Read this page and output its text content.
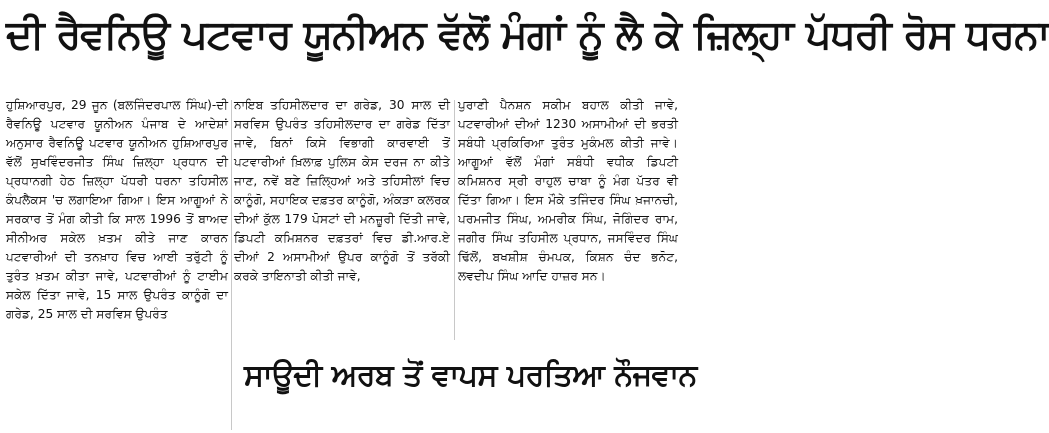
ਦੀ ਰੈਵਨਿਊ ਪਟਵਾਰ ਯੂਨੀਅਨ ਵੱਲੋਂ ਮੰਗਾਂ ਨੂੰ ਲੈ ਕੇ ਜ਼ਿਲ੍ਹਾ ਪੱਧਰੀ ਰੋਸ ਧਰਨਾ
ਹੁਸ਼ਿਆਰਪੁਰ, 29 ਜੂਨ (ਬਲਜਿੰਦਰਪਾਲ ਸਿੰਘ)-ਦੀ ਰੈਵਨਿਊ ਪਟਵਾਰ ਯੂਨੀਅਨ ਪੰਜਾਬ ਦੇ ਆਦੇਸ਼ਾਂ ਅਨੁਸਾਰ ਰੈਵਨਿਊ ਪਟਵਾਰ ਯੂਨੀਅਨ ਹੁਸ਼ਿਆਰਪੁਰ ਵੱਲੋਂ ਸੁਖਵਿੰਦਰਜੀਤ ਸਿੰਘ ਜ਼ਿਲ੍ਹਾ ਪ੍ਰਧਾਨ ਦੀ ਪ੍ਰਧਾਨਗੀ ਹੇਠ ਜ਼ਿਲ੍ਹਾ ਪੱਧਰੀ ਧਰਨਾ ਤਹਿਸੀਲ ਕੰਪਲੈਕਸ 'ਚ ਲਗਾਇਆ ਗਿਆ। ਇਸ ਆਗੂਆਂ ਨੇ ਸਰਕਾਰ ਤੋਂ ਮੰਗ ਕੀਤੀ ਕਿ ਸਾਲ 1996 ਤੋਂ ਬਾਅਦ ਸੀਨੀਅਰ ਸਕੇਲ ਖ਼ਤਮ ਕੀਤੇ ਜਾਣ ਕਾਰਨ ਪਟਵਾਰੀਆਂ ਦੀ ਤਨਖ਼ਾਹ ਵਿਚ ਆਈ ਤਰੁੱਟੀ ਨੂੰ ਤੁਰੰਤ ਖ਼ਤਮ ਕੀਤਾ ਜਾਵੇ, ਪਟਵਾਰੀਆਂ ਨੂੰ ਟਾਈਮ ਸਕੇਲ ਦਿੱਤਾ ਜਾਵੇ, 15 ਸਾਲ ਉਪਰੰਤ ਕਾਨੂੰਗੋ ਦਾ ਗਰੇਡ, 25 ਸਾਲ ਦੀ ਸਰਵਿਸ ਉਪਰੰਤ
ਨਾਇਬ ਤਹਿਸੀਲਦਾਰ ਦਾ ਗਰੇਡ, 30 ਸਾਲ ਦੀ ਸਰਵਿਸ ਉਪਰੰਤ ਤਹਿਸੀਲਦਾਰ ਦਾ ਗਰੇਡ ਦਿੱਤਾ ਜਾਵੇ, ਬਿਨਾਂ ਕਿਸੇ ਵਿਭਾਗੀ ਕਾਰਵਾਈ ਤੋਂ ਪਟਵਾਰੀਆਂ ਖ਼ਿਲਾਫ਼ ਪੁਲਿਸ ਕੇਸ ਦਰਜ ਨਾ ਕੀਤੇ ਜਾਣ, ਨਵੇਂ ਬਣੇ ਜ਼ਿਲ੍ਹਿਆਂ ਅਤੇ ਤਹਿਸੀਲਾਂ ਵਿਚ ਕਾਨੂੰਗੋ, ਸਹਾਇਕ ਦਫ਼ਤਰ ਕਾਨੂੰਗੋ, ਅੰਕੜਾ ਕਲਰਕ ਦੀਆਂ ਕੁੱਲ 179 ਪੋਸਟਾਂ ਦੀ ਮਨਜ਼ੂਰੀ ਦਿੱਤੀ ਜਾਵੇ, ਡਿਪਟੀ ਕਮਿਸ਼ਨਰ ਦਫ਼ਤਰਾਂ ਵਿਚ ਡੀ.ਆਰ.ਏ ਦੀਆਂ 2 ਅਸਾਮੀਆਂ ਉਪਰ ਕਾਨੂੰਗੋ ਤੋਂ ਤਰੱਕੀ ਕਰਕੇ ਤਾਇਨਾਤੀ ਕੀਤੀ ਜਾਵੇ,
ਪੁਰਾਣੀ ਪੈਨਸ਼ਨ ਸਕੀਮ ਬਹਾਲ ਕੀਤੀ ਜਾਵੇ, ਪਟਵਾਰੀਆਂ ਦੀਆਂ 1230 ਅਸਾਮੀਆਂ ਦੀ ਭਰਤੀ ਸਬੰਧੀ ਪ੍ਰਕਿਰਿਆ ਤੁਰੰਤ ਮੁਕੰਮਲ ਕੀਤੀ ਜਾਵੇ। ਆਗੂਆਂ ਵੱਲੋਂ ਮੰਗਾਂ ਸਬੰਧੀ ਵਧੀਕ ਡਿਪਟੀ ਕਮਿਸ਼ਨਰ ਸ੍ਰੀ ਰਾਹੁਲ ਚਾਬਾ ਨੂੰ ਮੰਗ ਪੱਤਰ ਵੀ ਦਿੱਤਾ ਗਿਆ। ਇਸ ਮੌਕੇ ਤਜਿੰਦਰ ਸਿੰਘ ਖ਼ਜਾਨਚੀ, ਪਰਮਜੀਤ ਸਿੰਘ, ਅਮਰੀਕ ਸਿੰਘ, ਜੋਗਿੰਦਰ ਰਾਮ, ਜਗੀਰ ਸਿੰਘ ਤਹਿਸੀਲ ਪ੍ਰਧਾਨ, ਜਸਵਿੰਦਰ ਸਿੰਘ ਢਿੱਲੋਂ, ਬਖਸ਼ੀਸ਼ ਚੰਮਪਕ, ਕਿਸ਼ਨ ਚੰਦ ਭਨੋਟ, ਲਵਦੀਪ ਸਿੰਘ ਆਦਿ ਹਾਜ਼ਰ ਸਨ।
ਸਾਊਦੀ ਅਰਬ ਤੋਂ ਵਾਪਸ ਪਰਤਿਆ ਨੌਜਵਾਨ
